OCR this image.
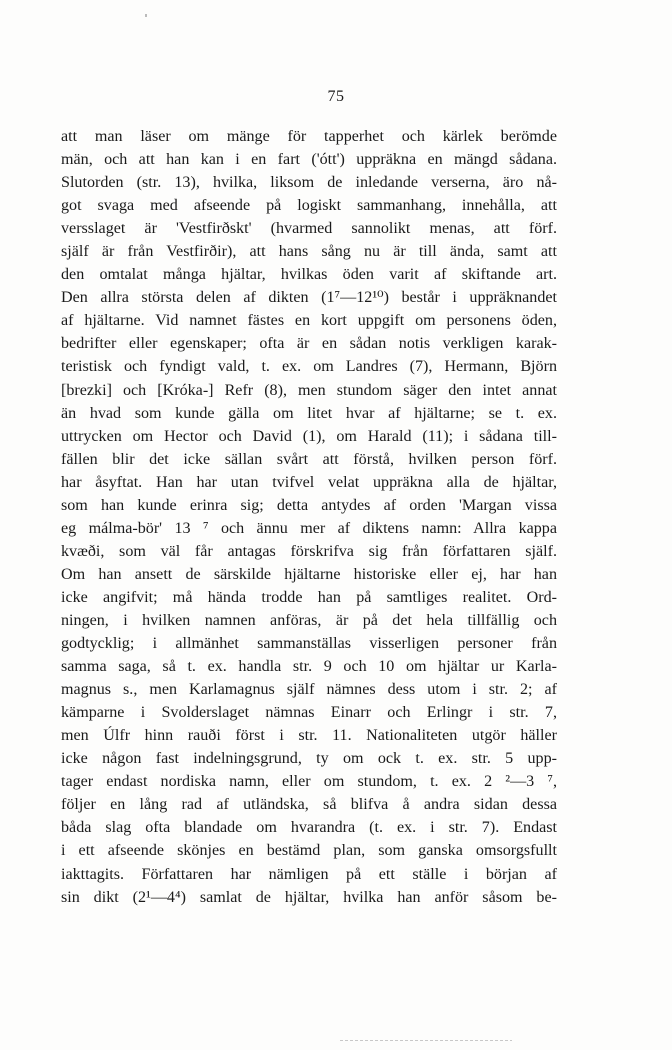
75
att man läser om mänge för tapperhet och kärlek berömde
män, och att han kan i en fart ('ótt') uppräkna en mängd sådana.
Slutorden (str. 13), hvilka, liksom de inledande verserna, äro nå-
got svaga med afseende på logiskt sammanhang, innehålla, att
versslaget är 'Vestfirðskt' (hvarmed sannolikt menas, att förf.
själf är från Vestfirðir), att hans sång nu är till ända, samt att
den omtalat många hjältar, hvilkas öden varit af skiftande art.
Den allra största delen af dikten (1⁷—12¹⁰) består i uppräknandet
af hjältarne. Vid namnet fästes en kort uppgift om personens öden,
bedrifter eller egenskaper; ofta är en sådan notis verkligen karak-
teristisk och fyndigt vald, t. ex. om Landres (7), Hermann, Björn
[brezki] och [Króka-] Refr (8), men stundom säger den intet annat
än hvad som kunde gälla om litet hvar af hjältarne; se t. ex.
uttrycken om Hector och David (1), om Harald (11); i sådana till-
fällen blir det icke sällan svårt att förstå, hvilken person förf.
har åsyftat. Han har utan tvifvel velat uppräkna alla de hjältar,
som han kunde erinra sig; detta antydes af orden 'Margan vissa
eg málma-bör' 13 ⁷ och ännu mer af diktens namn: Allra kappa
kvæði, som väl får antagas förskrifva sig från författaren själf.
Om han ansett de särskilde hjältarne historiske eller ej, har han
icke angifvit; må hända trodde han på samtliges realitet. Ord-
ningen, i hvilken namnen anföras, är på det hela tillfällig och
godtycklig; i allmänhet sammanställas visserligen personer från
samma saga, så t. ex. handla str. 9 och 10 om hjältar ur Karla-
magnus s., men Karlamagnus själf nämnes dess utom i str. 2; af
kämparne i Svolderslaget nämnas Einarr och Erlingr i str. 7,
men Úlfr hinn rauði först i str. 11. Nationaliteten utgör häller
icke någon fast indelningsgrund, ty om ock t. ex. str. 5 upp-
tager endast nordiska namn, eller om stundom, t. ex. 2 ²—3 ⁷,
följer en lång rad af utländska, så blifva å andra sidan dessa
båda slag ofta blandade om hvarandra (t. ex. i str. 7). Endast
i ett afseende skönjes en bestämd plan, som ganska omsorgsfullt
iakttagits. Författaren har nämligen på ett ställe i början af
sin dikt (2¹—4⁴) samlat de hjältar, hvilka han anför såsom be-
